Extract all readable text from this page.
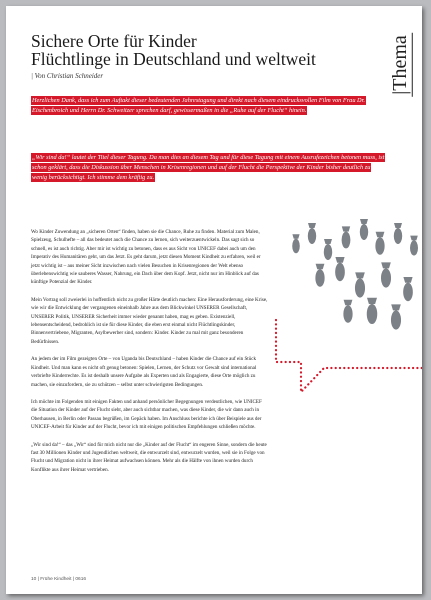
Sichere Orte für Kinder
Flüchtlinge in Deutschland und weltweit
| Von Christian Schneider	|Thema

Herzlichen Dank, dass ich zum Auftakt dieser bedeutenden Jahrestagung und direkt nach diesem eindrucksvollen Film von Frau Dr. Eischenbroich und Herrn Dr. Schweitzer sprechen darf, gewissermaßen in die „Ruhe auf der Flucht“ hinein.

„Wir sind da!“ lautet der Titel dieser Tagung. Da man dies an diesem Tag und für diese Tagung mit einem Ausrufezeichen betonen muss, ist schon geklärt, dass die Diskussion über Menschen in Krisenregionen und auf der Flucht die Perspektive der Kinder bisher deutlich zu wenig berücksichtigt. Ich stimme dem kräftig zu.

Wo Kinder Zuwendung an „sicheren Orten“ finden, haben sie die Chance, Ruhe zu finden. Material zum Malen, Spielzeug, Schulhefte – all das bedeutet auch die Chance zu lernen, sich weiterzuentwickeln. Das sagt sich so schnell, es ist auch richtig. Aber mir ist wichtig zu betonen, dass es aus Sicht von UNICEF dabei auch um den Imperativ des Humanitären geht, um das Jetzt. Es geht darum, jetzt diesen Moment Kindheit zu erfahren, weil er jetzt wichtig ist – aus meiner Sicht inzwischen nach vielen Besuchen in Krisenregionen der Welt ebenso überlebenswichtig wie sauberes Wasser, Nahrung, ein Dach über dem Kopf. Jetzt, nicht nur im Hinblick auf das künftige Potenzial der Kinder.

Mein Vortrag soll zweierlei in hoffentlich nicht zu großer Härte deutlich machen: Eine Herausforderung, eine Krise, wie wir die Entwicklung der vergangenen eineinhalb Jahre aus dem Blickwinkel UNSERER Gesellschaft, UNSERER Politik, UNSERER Sicherheit immer wieder genannt haben, mag es geben. Existenziell, lebensentscheidend, bedrohlich ist sie für diese Kinder, die eben erst einmal nicht Flüchtlingskinder, Binnenvertriebene, Migranten, Asylbewerber sind, sondern: Kinder. Kinder zu mal mit ganz besonderen Bedürfnissen.

An jedem der im Film gezeigten Orte – von Uganda bis Deutschland – haben Kinder die Chance auf ein Stück Kindheit. Und man kann es nicht oft genug betonen: Spielen, Lernen, der Schutz vor Gewalt sind international verbriefte Kinderrechte. Es ist deshalb unsere Aufgabe als Experten und als Engagierte, diese Orte möglich zu machen, sie einzufordern, sie zu schützen – selbst unter schwierigsten Bedingungen.

Ich möchte im Folgenden mit einigen Fakten und anhand persönlicher Begegnungen verdeutlichen, wie UNICEF die Situation der Kinder auf der Flucht sieht, aber auch sichtbar machen, was diese Kinder, die wir dann auch in Oberhausen, in Berlin oder Passau begrüßen, im Gepäck haben. Im Anschluss berichte ich über Beispiele aus der UNICEF-Arbeit für Kinder auf der Flucht, bevor ich mit einigen politischen Empfehlungen schließen möchte.

„Wir sind da!“ – das „Wir“ sind für mich nicht nur die „Kinder auf der Flucht“ im engeren Sinne, sondern die heute fast 30 Millionen Kinder und Jugendlichen weltweit, die entwurzelt sind, entwurzelt wurden, weil sie in Folge von Flucht und Migration nicht in ihrer Heimat aufwachsen können. Mehr als die Hälfte von ihnen wurden durch Konflikte aus ihrer Heimat vertrieben.

10 | Frühe Kindheit | 0616
